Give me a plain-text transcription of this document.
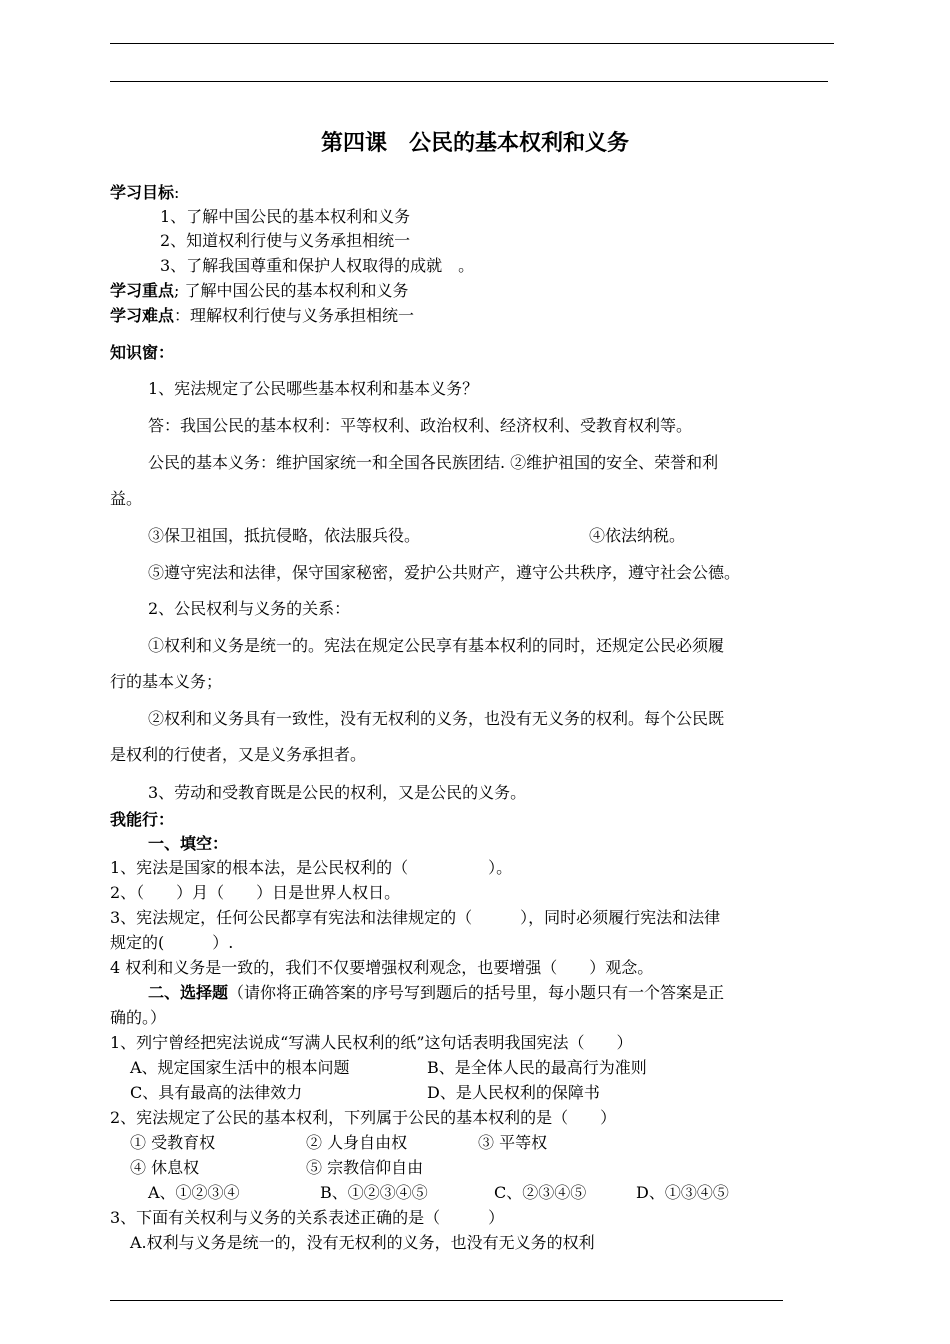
第四课　公民的基本权利和义务
学习目标:
1、了解中国公民的基本权利和义务
2、知道权利行使与义务承担相统一
3、了解我国尊重和保护人权取得的成就　。
学习重点; 了解中国公民的基本权利和义务
学习难点：理解权利行使与义务承担相统一
知识窗：
1、宪法规定了公民哪些基本权利和基本义务？
答：我国公民的基本权利：平等权利、政治权利、经济权利、受教育权利等。
公民的基本义务：维护国家统一和全国各民族团结. ②维护祖国的安全、荣誉和利
益。
③保卫祖国，抵抗侵略，依法服兵役。	④依法纳税。
⑤遵守宪法和法律，保守国家秘密，爱护公共财产，遵守公共秩序，遵守社会公德。
2、公民权利与义务的关系：
①权利和义务是统一的。宪法在规定公民享有基本权利的同时，还规定公民必须履
行的基本义务；
②权利和义务具有一致性，没有无权利的义务，也没有无义务的权利。每个公民既
是权利的行使者，又是义务承担者。
3、劳动和受教育既是公民的权利，又是公民的义务。
我能行：
一、填空：
1、宪法是国家的根本法，是公民权利的（　　　　　）。
2、（　　）月（　　）日是世界人权日。
3、宪法规定，任何公民都享有宪法和法律规定的（　　　），同时必须履行宪法和法律
规定的(　　　）.
4 权利和义务是一致的，我们不仅要增强权利观念，也要增强（　　）观念。
二、选择题（请你将正确答案的序号写到题后的括号里，每小题只有一个答案是正
确的。）
1、列宁曾经把宪法说成“写满人民权利的纸”这句话表明我国宪法（　　）
A、规定国家生活中的根本问题	B、是全体人民的最高行为准则
C、具有最高的法律效力	D、是人民权利的保障书
2、宪法规定了公民的基本权利，下列属于公民的基本权利的是（　　）
① 受教育权	② 人身自由权	③ 平等权
④ 休息权	⑤ 宗教信仰自由
A、①②③④	B、①②③④⑤	C、②③④⑤	D、①③④⑤
3、下面有关权利与义务的关系表述正确的是（　　　）
A.权利与义务是统一的，没有无权利的义务，也没有无义务的权利
